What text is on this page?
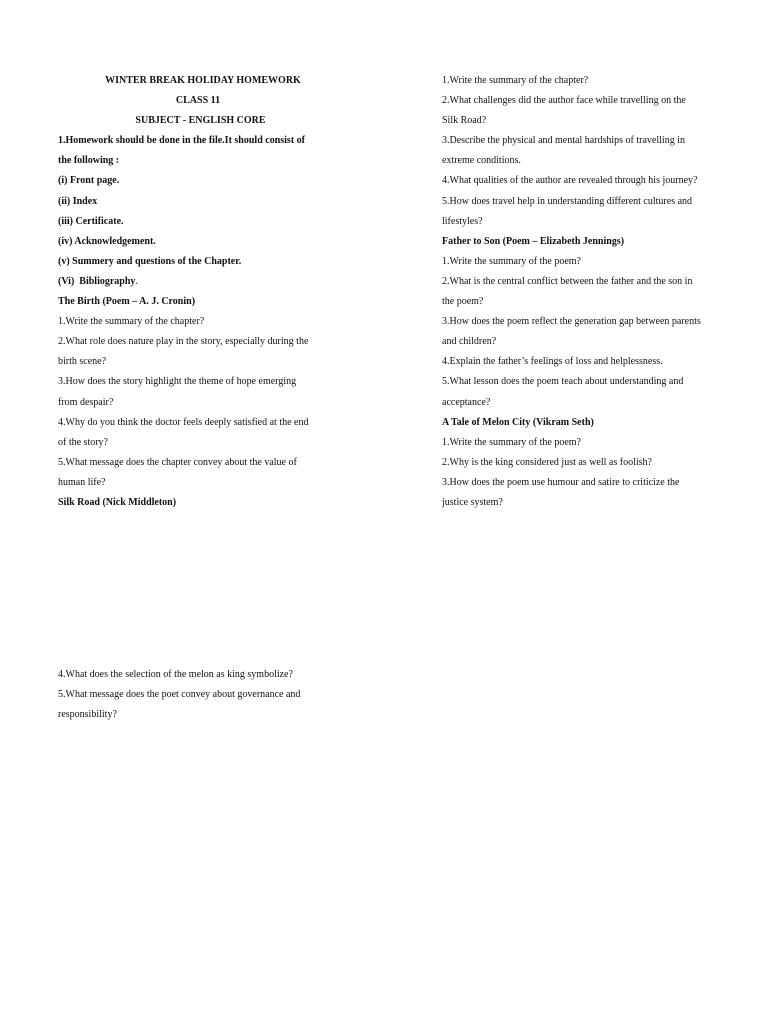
WINTER BREAK HOLIDAY HOMEWORK
CLASS 11
SUBJECT - ENGLISH CORE
1.Homework should be done in the file.It should consist of
the following :
(i) Front page.
(ii) Index
(iii) Certificate.
(iv) Acknowledgement.
(v) Summery and questions of the Chapter.
(Vi)  Bibliography.
The Birth (Poem – A. J. Cronin)
1.Write the summary of the chapter?
2.What role does nature play in the story, especially during the
birth scene?
3.How does the story highlight the theme of hope emerging
from despair?
4.Why do you think the doctor feels deeply satisfied at the end
of the story?
5.What message does the chapter convey about the value of
human life?
Silk Road (Nick Middleton)
1.Write the summary of the chapter?
2.What challenges did the author face while travelling on the
Silk Road?
3.Describe the physical and mental hardships of travelling in
extreme conditions.
4.What qualities of the author are revealed through his journey?
5.How does travel help in understanding different cultures and
lifestyles?
Father to Son (Poem – Elizabeth Jennings)
1.Write the summary of the poem?
2.What is the central conflict between the father and the son in
the poem?
3.How does the poem reflect the generation gap between parents
and children?
4.Explain the father’s feelings of loss and helplessness.
5.What lesson does the poem teach about understanding and
acceptance?
A Tale of Melon City (Vikram Seth)
1.Write the summary of the poem?
2.Why is the king considered just as well as foolish?
3.How does the poem use humour and satire to criticize the
justice system?
4.What does the selection of the melon as king symbolize?
5.What message does the poet convey about governance and
responsibility?
